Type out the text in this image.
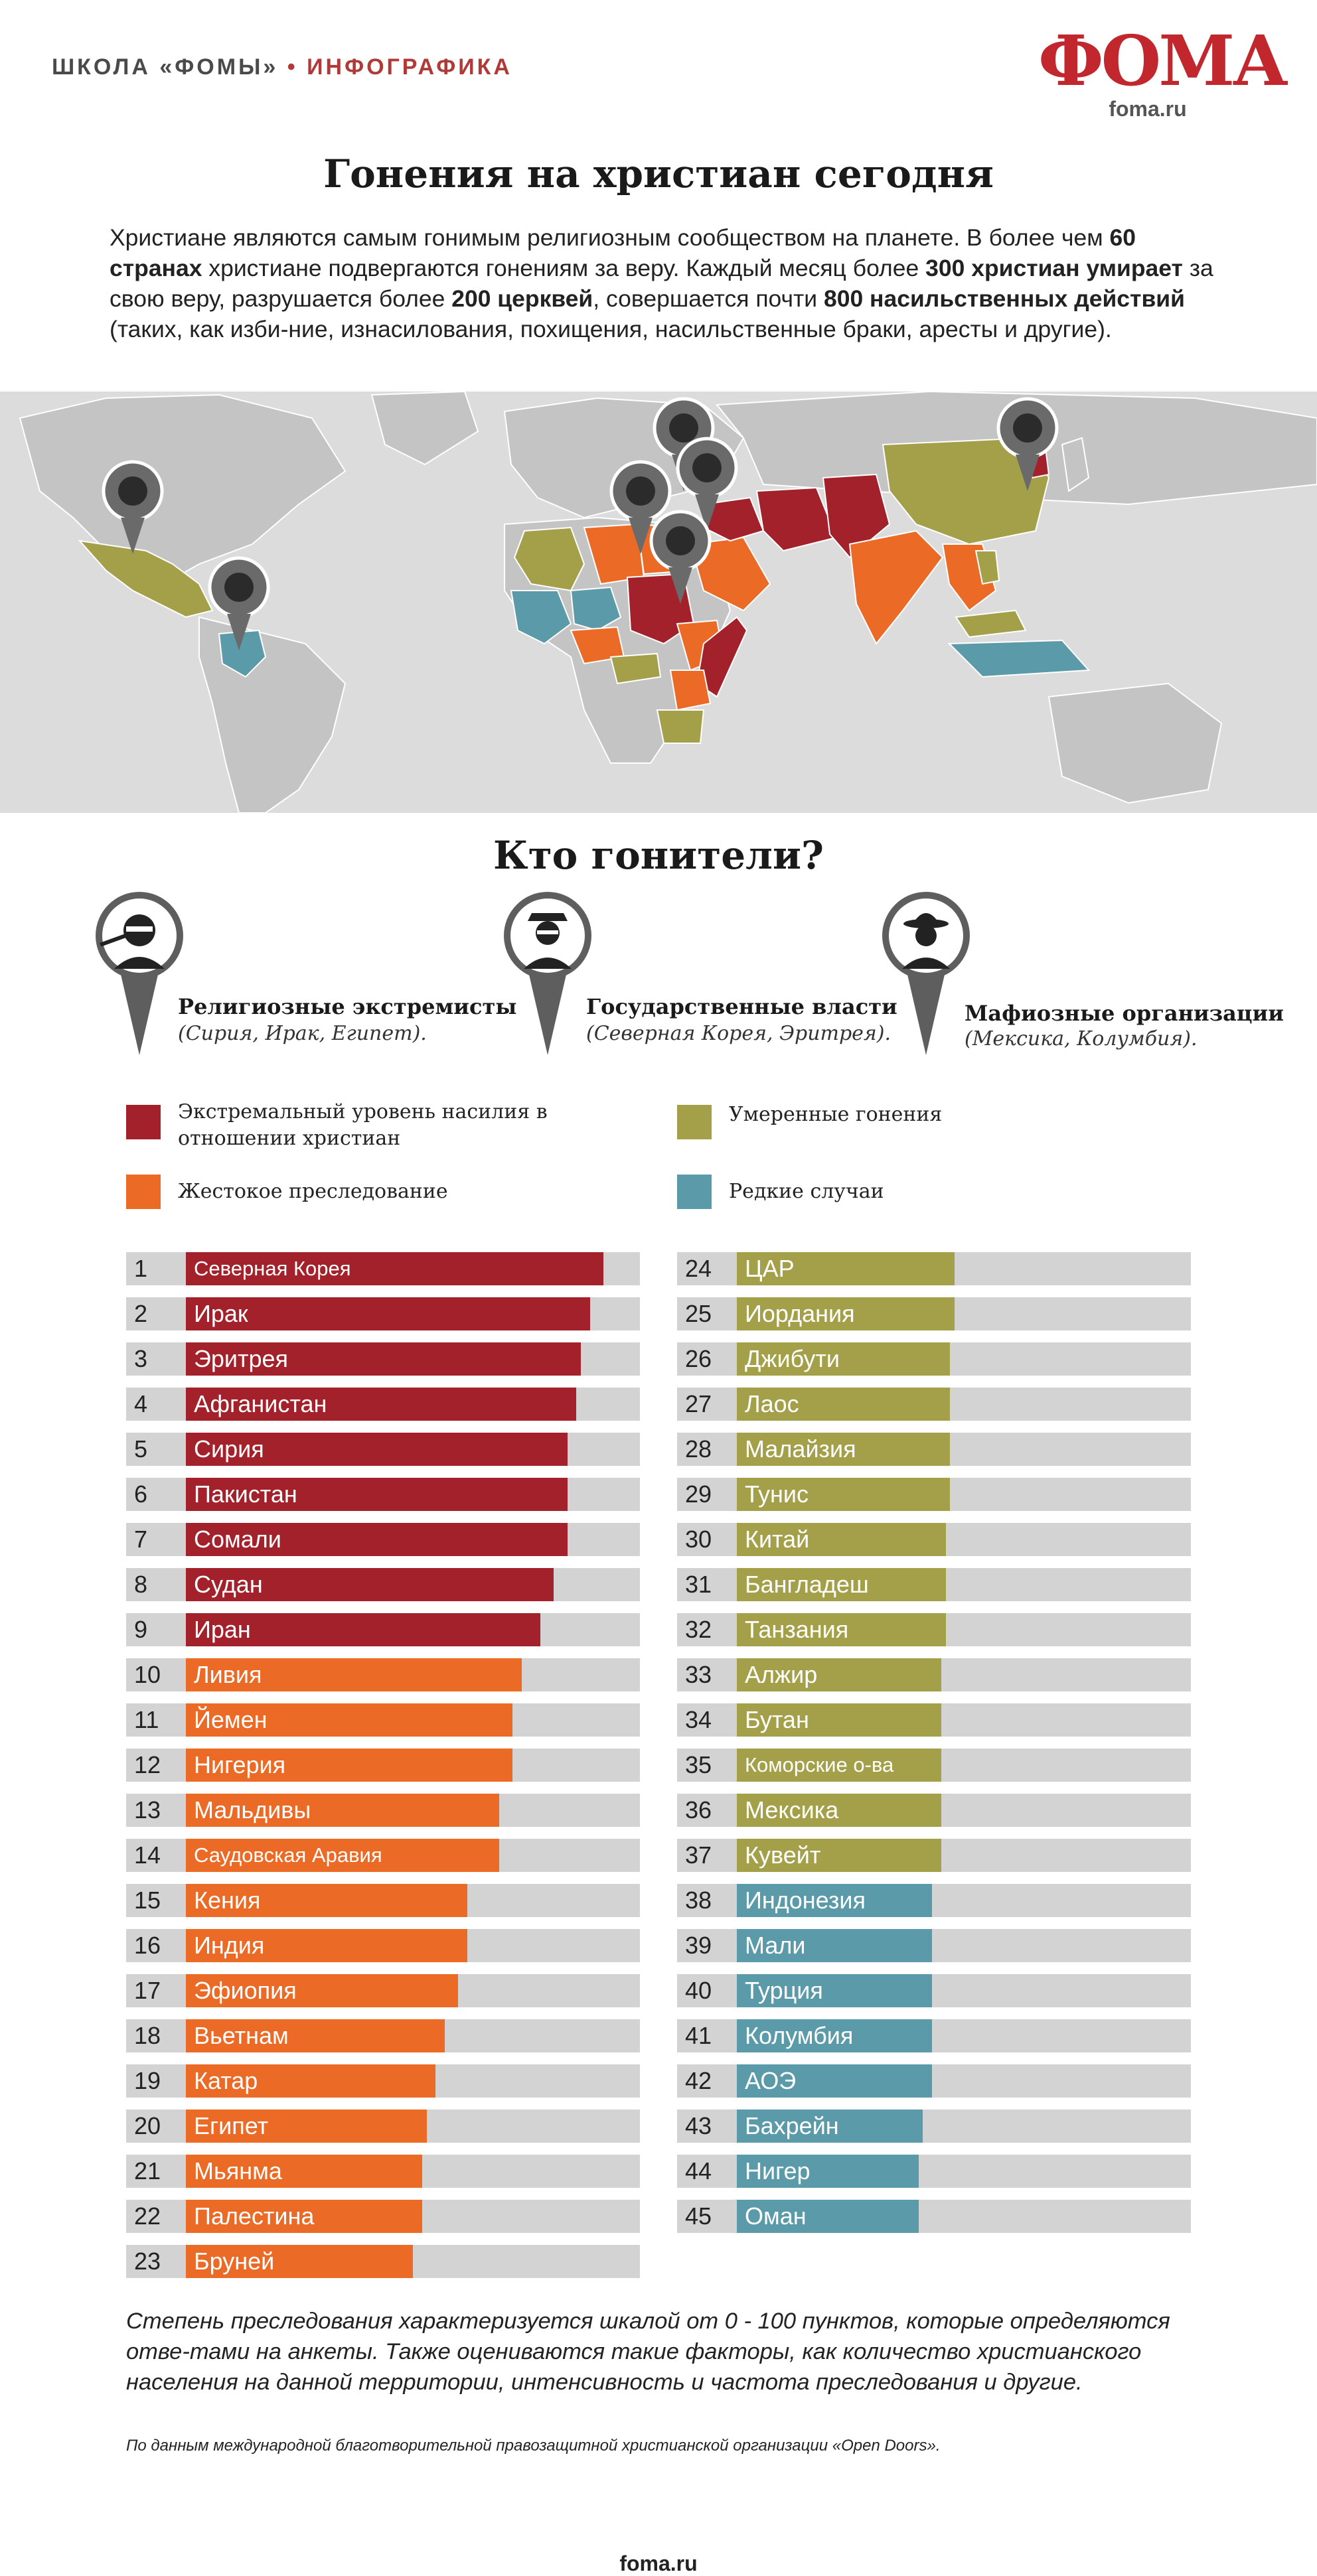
ШКОЛА «ФОМЫ» • ИНФОГРАФИКА	ФОМА
foma.ru
Гонения на христиан сегодня
Христиане являются самым гонимым религиозным сообществом на планете. В более чем 60 странах христиане подвергаются гонениям за веру. Каждый месяц более 300 христиан умирает за свою веру, разрушается более 200 церквей, совершается почти 800 насильственных действий (таких, как изби-ние, изнасилования, похищения, насильственные браки, аресты и другие).
Кто гонители?
Религиозные экстремисты
(Сирия, Ирак, Египет).
Государственные власти
(Северная Корея, Эритрея).
Мафиозные организации
(Мексика, Колумбия).
Экстремальный уровень насилия в отношении христиан
Жестокое преследование
Умеренные гонения
Редкие случаи
1	Северная Корея
2	Ирак
3	Эритрея
4	Афганистан
5	Сирия
6	Пакистан
7	Сомали
8	Судан
9	Иран
10	Ливия
11	Йемен
12	Нигерия
13	Мальдивы
14	Саудовская Аравия
15	Кения
16	Индия
17	Эфиопия
18	Вьетнам
19	Катар
20	Египет
21	Мьянма
22	Палестина
23	Бруней
24	ЦАР
25	Иордания
26	Джибути
27	Лаос
28	Малайзия
29	Тунис
30	Китай
31	Бангладеш
32	Танзания
33	Алжир
34	Бутан
35	Коморские о-ва
36	Мексика
37	Кувейт
38	Индонезия
39	Мали
40	Турция
41	Колумбия
42	АОЭ
43	Бахрейн
44	Нигер
45	Оман
Степень преследования характеризуется шкалой от 0 - 100 пунктов, которые определяются отве-тами на анкеты. Также оцениваются такие факторы, как количество христианского населения на данной территории, интенсивность и частота преследования и другие.
По данным международной благотворительной правозащитной христианской организации «Open Doors».
foma.ru
